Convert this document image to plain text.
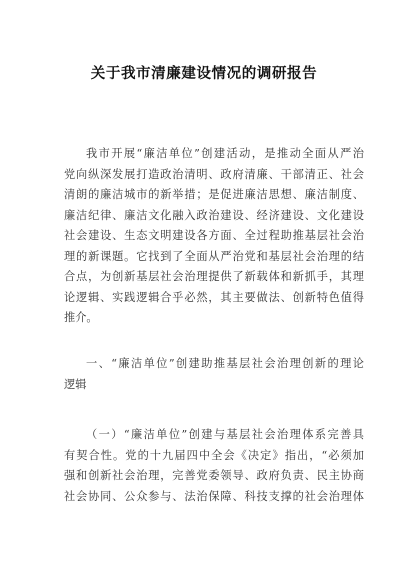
关于我市清廉建设情况的调研报告
我市开展“廉洁单位”创建活动，是推动全面从严治
党向纵深发展打造政治清明、政府清廉、干部清正、社会
清朗的廉洁城市的新举措；是促进廉洁思想、廉洁制度、
廉洁纪律、廉洁文化融入政治建设、经济建设、文化建设
社会建设、生态文明建设各方面、全过程助推基层社会治
理的新课题。它找到了全面从严治党和基层社会治理的结
合点，为创新基层社会治理提供了新载体和新抓手，其理
论逻辑、实践逻辑合乎必然，其主要做法、创新特色值得
推介。
一、“廉洁单位”创建助推基层社会治理创新的理论
逻辑
（一）“廉洁单位”创建与基层社会治理体系完善具
有契合性。党的十九届四中全会《决定》指出，“必须加
强和创新社会治理，完善党委领导、政府负责、民主协商
社会协同、公众参与、法治保障、科技支撑的社会治理体
